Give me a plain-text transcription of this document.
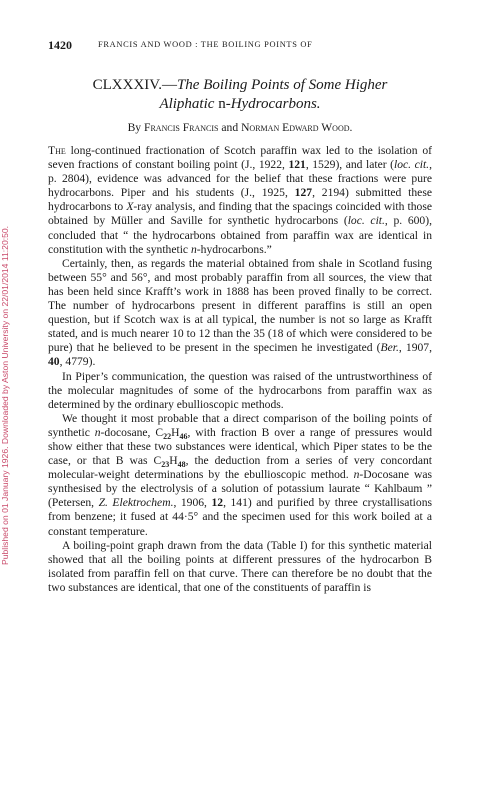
Published on 01 January 1926. Downloaded by Aston University on 22/01/2014 11:20:50.
1420	FRANCIS AND WOOD : THE BOILING POINTS OF
CLXXXIV.—The Boiling Points of Some Higher
Aliphatic n-Hydrocarbons.
By Francis Francis and Norman Edward Wood.

The long-continued fractionation of Scotch paraffin wax led to the isolation of seven fractions of constant boiling point (J., 1922, 121, 1529), and later (loc. cit., p. 2804), evidence was advanced for the belief that these fractions were pure hydrocarbons. Piper and his students (J., 1925, 127, 2194) submitted these hydrocarbons to X-ray analysis, and finding that the spacings coincided with those obtained by Müller and Saville for synthetic hydrocarbons (loc. cit., p. 600), concluded that “ the hydrocarbons obtained from paraffin wax are identical in constitution with the synthetic n-hydrocarbons.”

Certainly, then, as regards the material obtained from shale in Scotland fusing between 55° and 56°, and most probably paraffin from all sources, the view that has been held since Krafft’s work in 1888 has been proved finally to be correct. The number of hydrocarbons present in different paraffins is still an open question, but if Scotch wax is at all typical, the number is not so large as Krafft stated, and is much nearer 10 to 12 than the 35 (18 of which were considered to be pure) that he believed to be present in the specimen he investigated (Ber., 1907, 40, 4779).

In Piper’s communication, the question was raised of the untrustworthiness of the molecular magnitudes of some of the hydrocarbons from paraffin wax as determined by the ordinary ebullioscopic methods.

We thought it most probable that a direct comparison of the boiling points of synthetic n-docosane, $C_{22}H_{46}$, with fraction B over a range of pressures would show either that these two substances were identical, which Piper states to be the case, or that B was $C_{23}H_{48}$, the deduction from a series of very concordant molecular-weight determinations by the ebullioscopic method. n-Docosane was synthesised by the electrolysis of a solution of potassium laurate “ Kahlbaum ” (Petersen, Z. Elektrochem., 1906, 12, 141) and purified by three crystallisations from benzene; it fused at 44·5° and the specimen used for this work boiled at a constant temperature.

A boiling-point graph drawn from the data (Table I) for this synthetic material showed that all the boiling points at different pressures of the hydrocarbon B isolated from paraffin fell on that curve. There can therefore be no doubt that the two substances are identical, that one of the constituents of paraffin is
